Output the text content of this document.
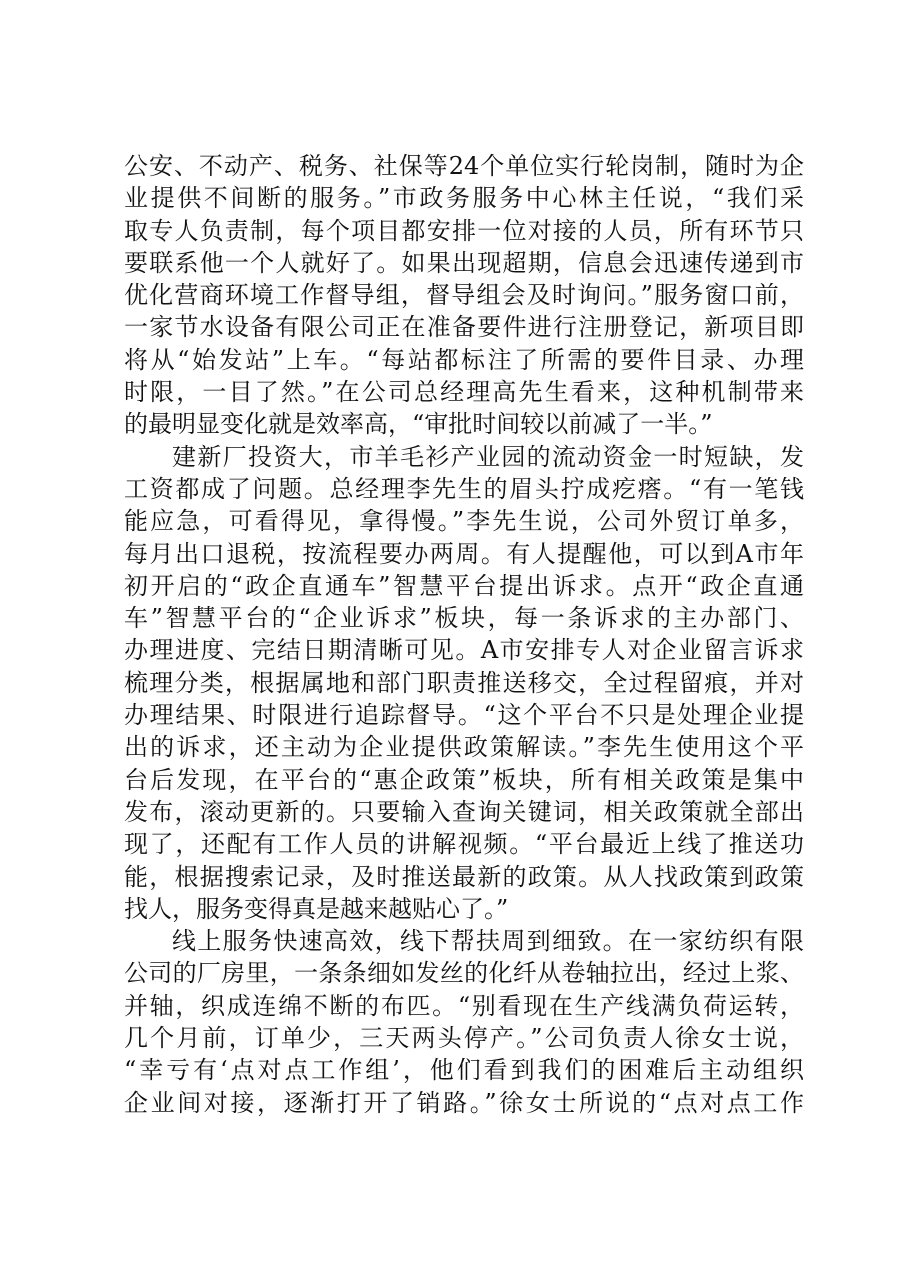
公安、不动产、税务、社保等24个单位实行轮岗制，随时为企
业提供不间断的服务。”市政务服务中心林主任说，“我们采
取专人负责制，每个项目都安排一位对接的人员，所有环节只
要联系他一个人就好了。如果出现超期，信息会迅速传递到市
优化营商环境工作督导组，督导组会及时询问。”服务窗口前，
一家节水设备有限公司正在准备要件进行注册登记，新项目即
将从“始发站”上车。“每站都标注了所需的要件目录、办理
时限，一目了然。”在公司总经理高先生看来，这种机制带来
的最明显变化就是效率高，“审批时间较以前减了一半。”
建新厂投资大，市羊毛衫产业园的流动资金一时短缺，发
工资都成了问题。总经理李先生的眉头拧成疙瘩。“有一笔钱
能应急，可看得见，拿得慢。”李先生说，公司外贸订单多，
每月出口退税，按流程要办两周。有人提醒他，可以到A市年
初开启的“政企直通车”智慧平台提出诉求。点开“政企直通
车”智慧平台的“企业诉求”板块，每一条诉求的主办部门、
办理进度、完结日期清晰可见。A市安排专人对企业留言诉求
梳理分类，根据属地和部门职责推送移交，全过程留痕，并对
办理结果、时限进行追踪督导。“这个平台不只是处理企业提
出的诉求，还主动为企业提供政策解读。”李先生使用这个平
台后发现，在平台的“惠企政策”板块，所有相关政策是集中
发布，滚动更新的。只要输入查询关键词，相关政策就全部出
现了，还配有工作人员的讲解视频。“平台最近上线了推送功
能，根据搜索记录，及时推送最新的政策。从人找政策到政策
找人，服务变得真是越来越贴心了。”
线上服务快速高效，线下帮扶周到细致。在一家纺织有限
公司的厂房里，一条条细如发丝的化纤从卷轴拉出，经过上浆、
并轴，织成连绵不断的布匹。“别看现在生产线满负荷运转，
几个月前，订单少，三天两头停产。”公司负责人徐女士说，
“幸亏有‘点对点工作组’，他们看到我们的困难后主动组织
企业间对接，逐渐打开了销路。”徐女士所说的“点对点工作
